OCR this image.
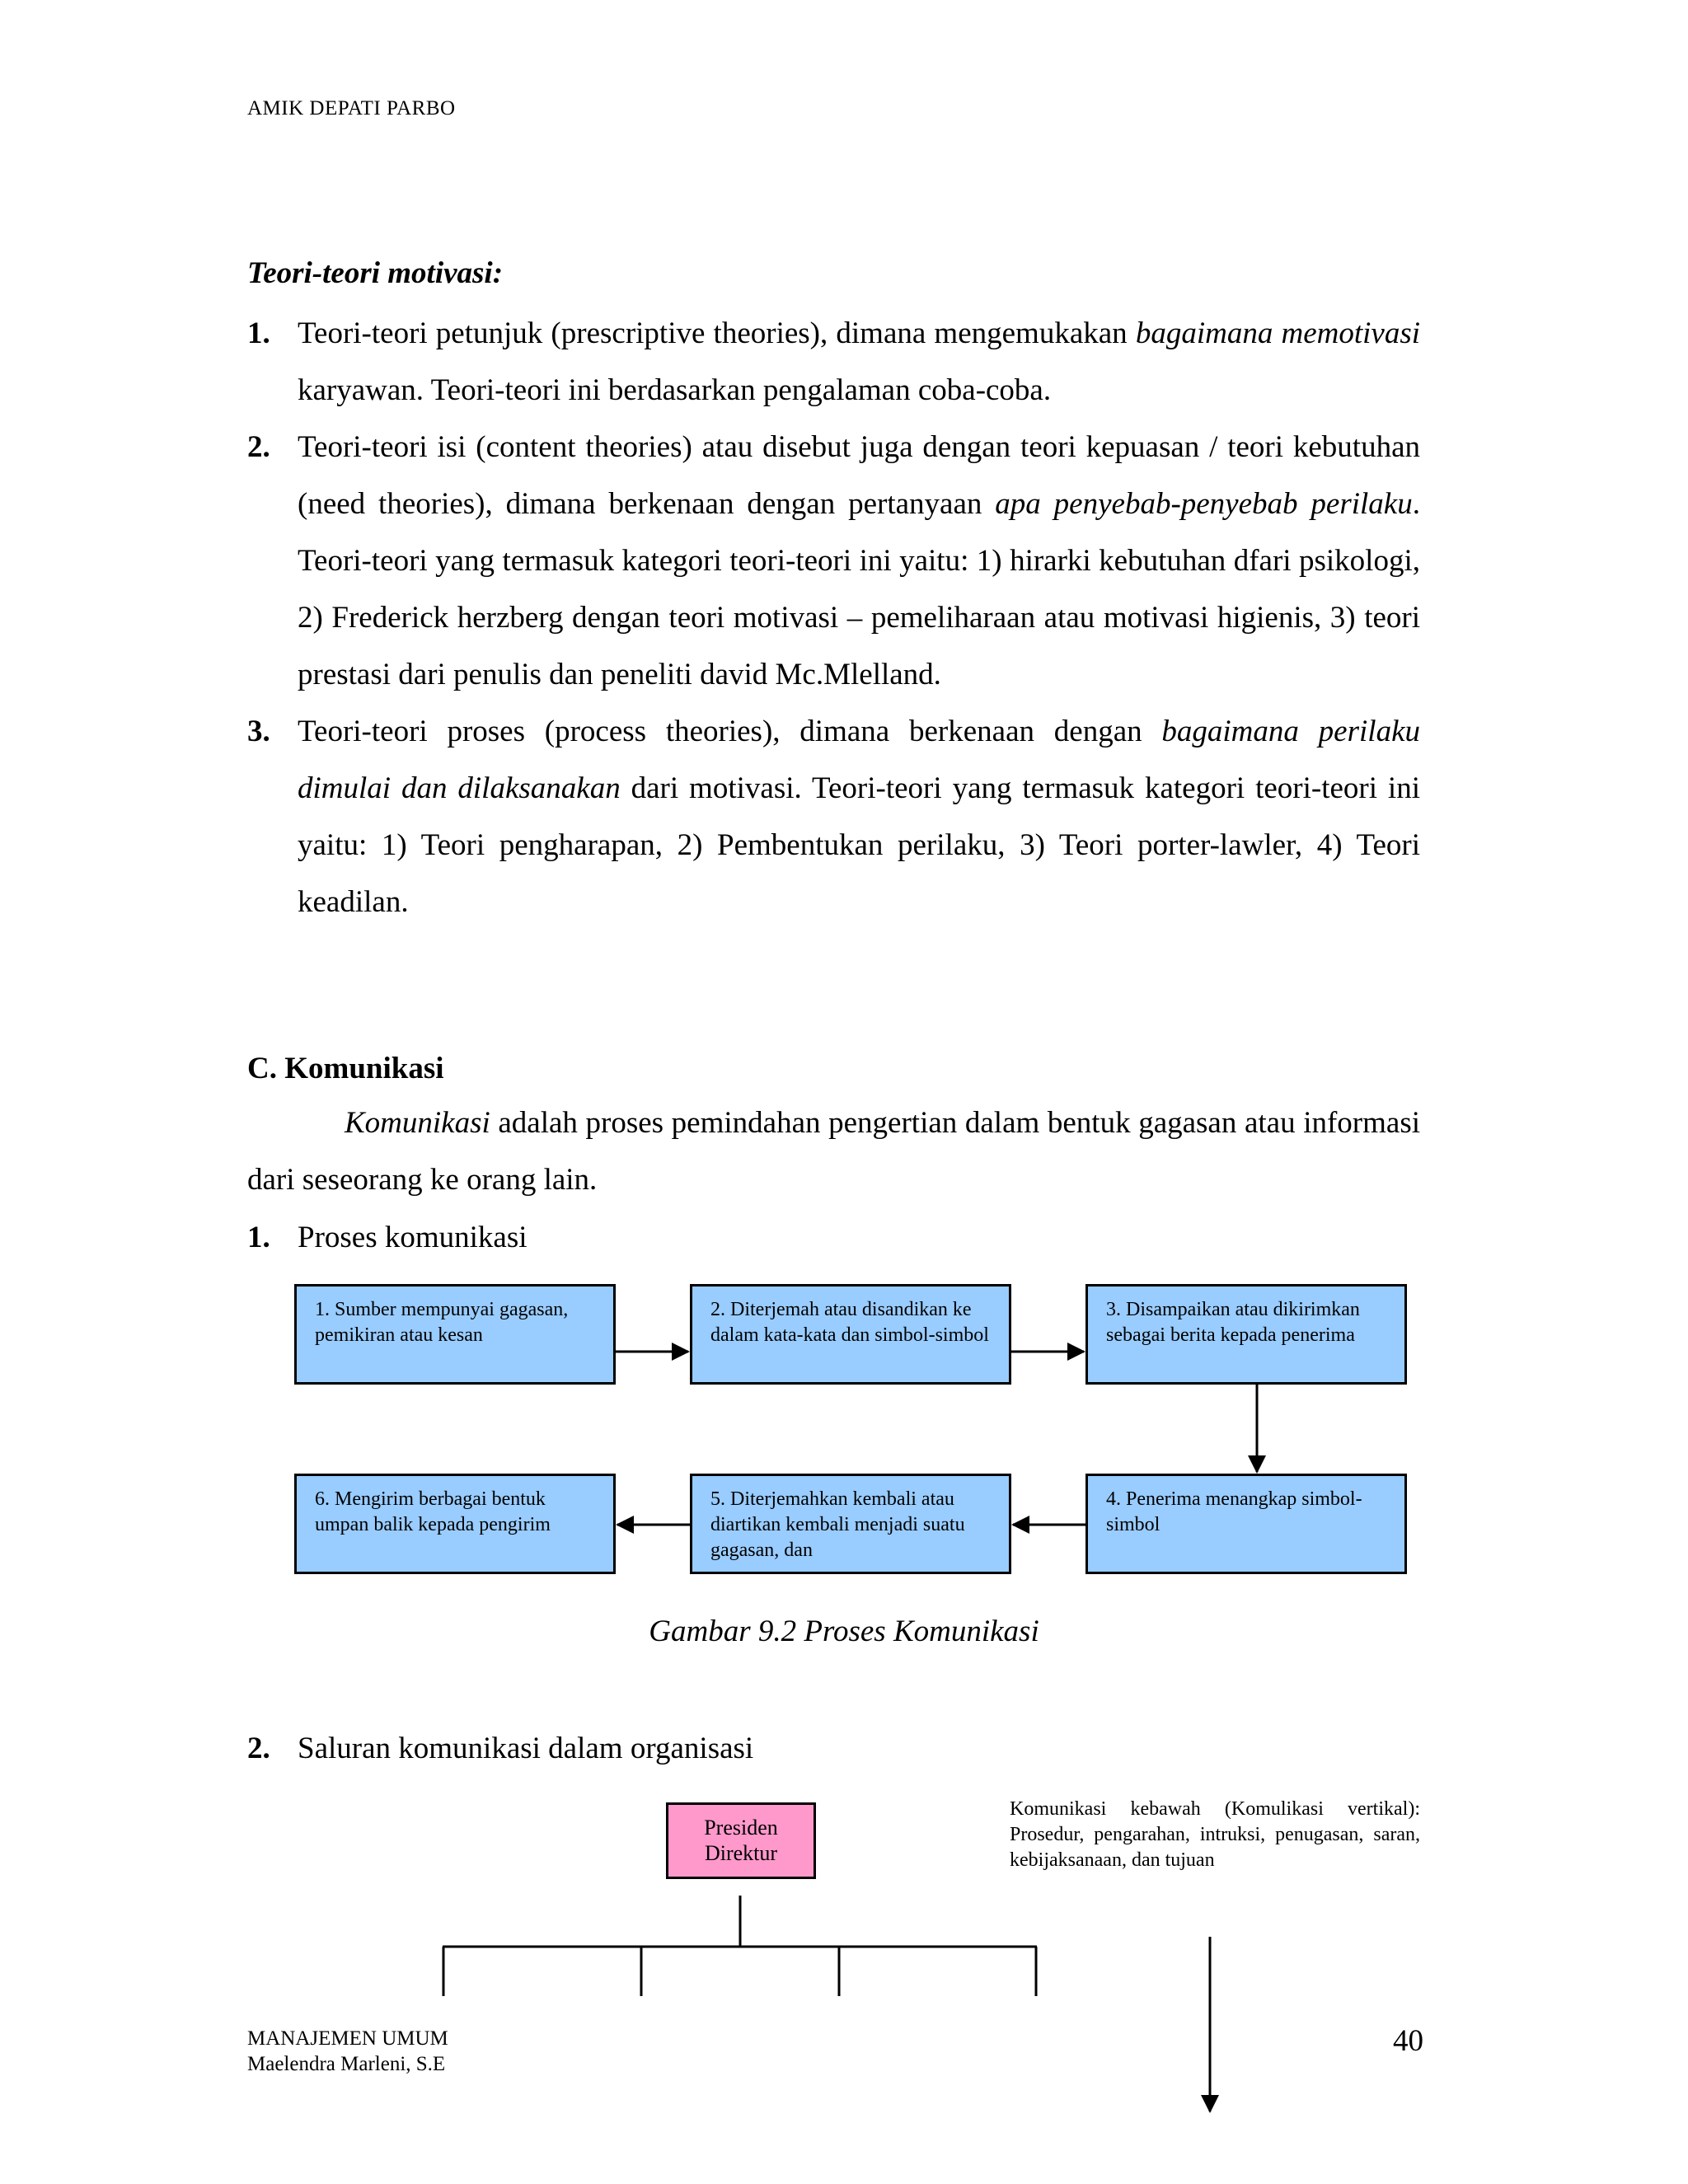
AMIK DEPATI PARBO
Teori-teori motivasi:
1. Teori-teori petunjuk (prescriptive theories), dimana mengemukakan bagaimana memotivasi karyawan. Teori-teori ini berdasarkan pengalaman coba-coba.
2. Teori-teori isi (content theories) atau disebut juga dengan teori kepuasan / teori kebutuhan (need theories), dimana berkenaan dengan pertanyaan apa penyebab-penyebab perilaku. Teori-teori yang termasuk kategori teori-teori ini yaitu: 1) hirarki kebutuhan dfari psikologi, 2) Frederick herzberg dengan teori motivasi – pemeliharaan atau motivasi higienis, 3) teori prestasi dari penulis dan peneliti david Mc.Mlelland.
3. Teori-teori proses (process theories), dimana berkenaan dengan bagaimana perilaku dimulai dan dilaksanakan dari motivasi. Teori-teori yang termasuk kategori teori-teori ini yaitu: 1) Teori pengharapan, 2) Pembentukan perilaku, 3) Teori porter-lawler, 4) Teori keadilan.
C. Komunikasi
Komunikasi adalah proses pemindahan pengertian dalam bentuk gagasan atau informasi dari seseorang ke orang lain.
1. Proses komunikasi
1. Sumber mempunyai gagasan, pemikiran atau kesan
2. Diterjemah atau disandikan ke dalam kata-kata dan simbol-simbol
3. Disampaikan atau dikirimkan sebagai berita kepada penerima
6. Mengirim berbagai bentuk umpan balik kepada pengirim
5. Diterjemahkan kembali atau diartikan kembali menjadi suatu gagasan, dan
4. Penerima menangkap simbol-simbol
Gambar 9.2 Proses Komunikasi
2. Saluran komunikasi dalam organisasi
Presiden Direktur
Komunikasi kebawah (Komulikasi vertikal): Prosedur, pengarahan, intruksi, penugasan, saran, kebijaksanaan, dan tujuan
MANAJEMEN UMUM
Maelendra Marleni, S.E
40
